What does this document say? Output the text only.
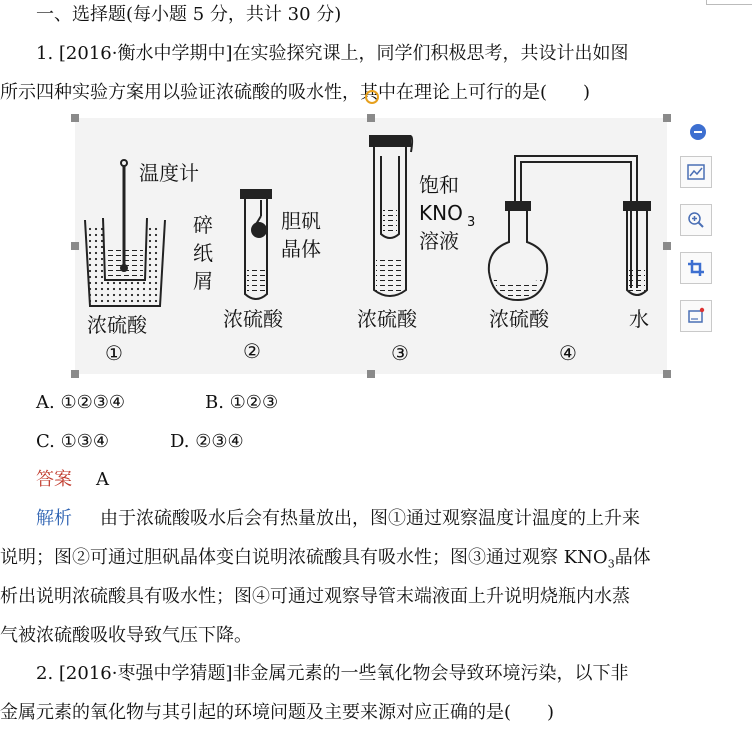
一、选择题(每小题 5 分，共计 30 分)
1. [2016·衡水中学期中]在实验探究课上，同学们积极思考，共设计出如图
所示四种实验方案用以验证浓硫酸的吸水性，其中在理论上可行的是(　　)
温度计
碎
纸
屑
浓硫酸
①
胆矾
晶体
浓硫酸
②
饱和
KNO 3
溶液
浓硫酸
③
浓硫酸	水
④
A. ①②③④	B. ①②③
C. ①③④	D. ②③④
答案 A
解析 由于浓硫酸吸水后会有热量放出，图①通过观察温度计温度的上升来
说明；图②可通过胆矾晶体变白说明浓硫酸具有吸水性；图③通过观察 $KNO_3$晶体
析出说明浓硫酸具有吸水性；图④可通过观察导管末端液面上升说明烧瓶内水蒸
气被浓硫酸吸收导致气压下降。
2. [2016·枣强中学猜题]非金属元素的一些氧化物会导致环境污染，以下非
金属元素的氧化物与其引起的环境问题及主要来源对应正确的是(　　)
